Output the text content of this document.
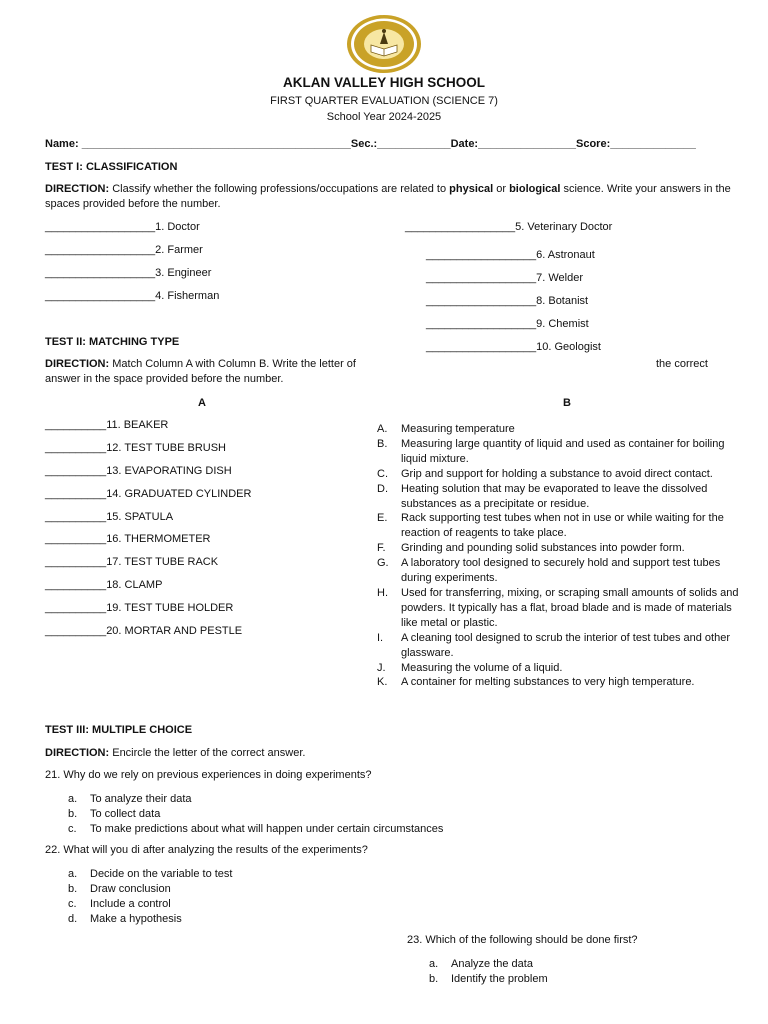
AKLAN VALLEY HIGH SCHOOL
FIRST QUARTER EVALUATION (SCIENCE 7)
School Year 2024-2025
Name: ____________________________________________Sec.:____________Date:________________Score:______________
TEST I: CLASSIFICATION
DIRECTION: Classify whether the following professions/occupations are related to physical or biological science. Write your answers in the spaces provided before the number.
__________________1. Doctor
__________________2. Farmer
__________________3. Engineer
__________________4. Fisherman
__________________5. Veterinary Doctor
__________________6. Astronaut
__________________7. Welder
__________________8. Botanist
__________________9. Chemist
__________________10. Geologist
TEST II: MATCHING TYPE
DIRECTION: Match Column A with Column B. Write the letter of	the correct
answer in the space provided before the number.
A	B
__________11. BEAKER
__________12. TEST TUBE BRUSH
__________13. EVAPORATING DISH
__________14. GRADUATED CYLINDER
__________15. SPATULA
__________16. THERMOMETER
__________17. TEST TUBE RACK
__________18. CLAMP
__________19. TEST TUBE HOLDER
__________20. MORTAR AND PESTLE
A.	Measuring temperature
B.	Measuring large quantity of liquid and used as container for boiling liquid mixture.
C.	Grip and support for holding a substance to avoid direct contact.
D.	Heating solution that may be evaporated to leave the dissolved substances as a precipitate or residue.
E.	Rack supporting test tubes when not in use or while waiting for the reaction of reagents to take place.
F.	Grinding and pounding solid substances into powder form.
G.	A laboratory tool designed to securely hold and support test tubes during experiments.
H.	Used for transferring, mixing, or scraping small amounts of solids and powders. It typically has a flat, broad blade and is made of materials like metal or plastic.
I.	A cleaning tool designed to scrub the interior of test tubes and other glassware.
J.	Measuring the volume of a liquid.
K.	A container for melting substances to very high temperature.
TEST III: MULTIPLE CHOICE
DIRECTION: Encircle the letter of the correct answer.
21. Why do we rely on previous experiences in doing experiments?
a.	To analyze their data
b.	To collect data
c.	To make predictions about what will happen under certain circumstances
22. What will you di after analyzing the results of the experiments?
a.	Decide on the variable to test
b.	Draw conclusion
c.	Include a control
d.	Make a hypothesis
23. Which of the following should be done first?
a.	Analyze the data
b.	Identify the problem
